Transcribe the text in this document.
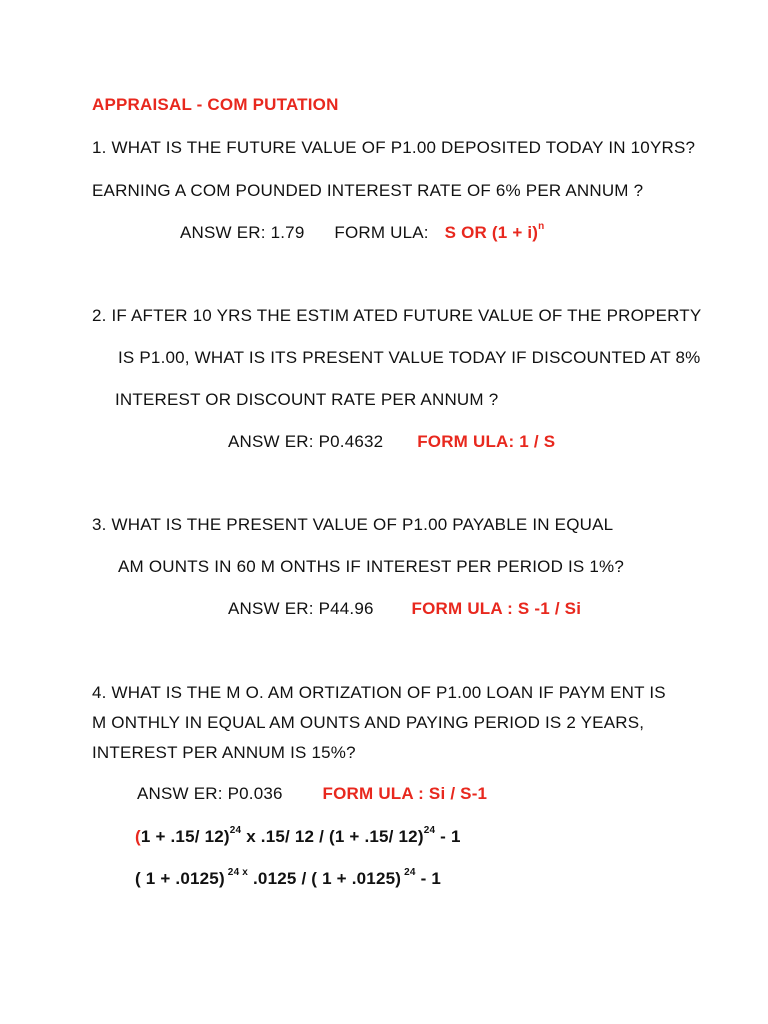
APPRAISAL - COM PUTATION
1. WHAT IS THE FUTURE VALUE OF P1.00 DEPOSITED TODAY IN 10YRS?
EARNING A COM POUNDED INTEREST RATE OF 6% PER ANNUM ?
ANSW ER: 1.79 FORM ULA: S OR $(1 + i)^n$
2. IF AFTER 10 YRS THE ESTIM ATED FUTURE VALUE OF THE PROPERTY
IS P1.00, WHAT IS ITS PRESENT VALUE TODAY IF DISCOUNTED AT 8%
INTEREST OR DISCOUNT RATE PER ANNUM ?
ANSW ER: P0.4632 FORM ULA: 1 / S
3. WHAT IS THE PRESENT VALUE OF P1.00 PAYABLE IN EQUAL
AM OUNTS IN 60 M ONTHS IF INTEREST PER PERIOD IS 1%?
ANSW ER: P44.96 FORM ULA : S -1 / Si
4. WHAT IS THE M O. AM ORTIZATION OF P1.00 LOAN IF PAYM ENT IS
M ONTHLY IN EQUAL AM OUNTS AND PAYING PERIOD IS 2 YEARS,
INTEREST PER ANNUM IS 15%?
ANSW ER: P0.036 FORM ULA : Si / S-1
(1 + .15/ 12)$^{24}$ x .15/ 12 / (1 + .15/ 12)$^{24}$ - 1
( 1 + .0125) $^{24 x}$ .0125 / ( 1 + .0125) $^{24}$ - 1
